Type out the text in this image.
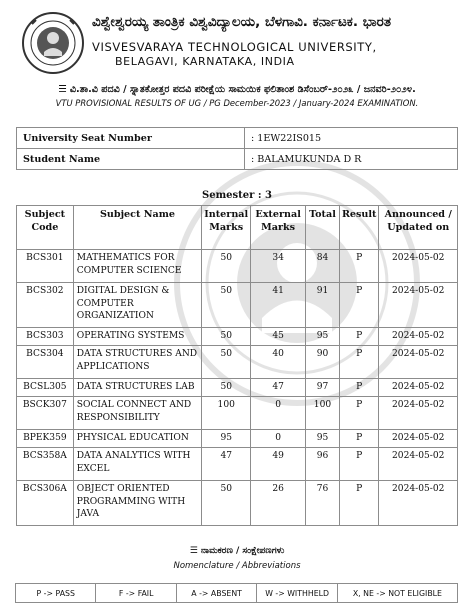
ವಿಶ್ವೇಶ್ವರಯ್ಯ ತಾಂತ್ರಿಕ ವಿಶ್ವವಿದ್ಯಾಲಯ, ಬೆಳಗಾವಿ. ಕರ್ನಾಟಕ. ಭಾರತ
VISVESVARAYA TECHNOLOGICAL UNIVERSITY,
BELAGAVI, KARNATAKA, INDIA
☰ ವಿ.ತಾ.ವಿ ಪದವಿ / ಸ್ನಾತಕೋತ್ತರ ಪದವಿ ಪರೀಕ್ಷೆಯ ಸಾಮಯಿಕ ಫಲಿತಾಂಶ ಡಿಸೆಂಬರ್-೨೦೨೩ / ಜನವರಿ-೨೦೨೪.
VTU PROVISIONAL RESULTS OF UG / PG December-2023 / January-2024 EXAMINATION.
University Seat Number	: 1EW22IS015
Student Name	: BALAMUKUNDA D R
Semester : 3
Subject Code	Subject Name	Internal Marks	External Marks	Total	Result	Announced / Updated on
BCS301	MATHEMATICS FOR COMPUTER SCIENCE	50	34	84	P	2024-05-02
BCS302	DIGITAL DESIGN & COMPUTER ORGANIZATION	50	41	91	P	2024-05-02
BCS303	OPERATING SYSTEMS	50	45	95	P	2024-05-02
BCS304	DATA STRUCTURES AND APPLICATIONS	50	40	90	P	2024-05-02
BCSL305	DATA STRUCTURES LAB	50	47	97	P	2024-05-02
BSCK307	SOCIAL CONNECT AND RESPONSIBILITY	100	0	100	P	2024-05-02
BPEK359	PHYSICAL EDUCATION	95	0	95	P	2024-05-02
BCS358A	DATA ANALYTICS WITH EXCEL	47	49	96	P	2024-05-02
BCS306A	OBJECT ORIENTED PROGRAMMING WITH JAVA	50	26	76	P	2024-05-02
☰ ನಾಮಕರಣ / ಸಂಕ್ಷೇಪಣಗಳು
Nomenclature / Abbreviations
P -> PASS	F -> FAIL	A -> ABSENT	W -> WITHHELD	X, NE -> NOT ELIGIBLE
